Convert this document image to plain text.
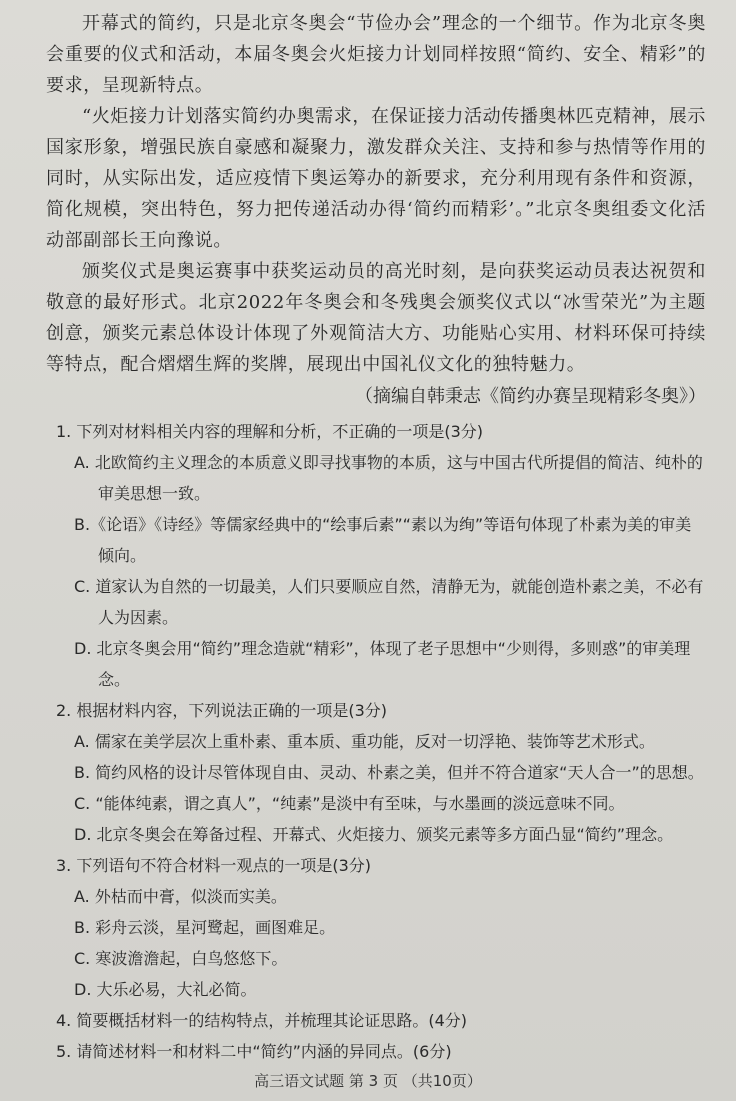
开幕式的简约，只是北京冬奥会“节俭办会”理念的一个细节。作为北京冬奥会重要的仪式和活动，本届冬奥会火炬接力计划同样按照“简约、安全、精彩”的要求，呈现新特点。

“火炬接力计划落实简约办奥需求，在保证接力活动传播奥林匹克精神，展示国家形象，增强民族自豪感和凝聚力，激发群众关注、支持和参与热情等作用的同时，从实际出发，适应疫情下奥运筹办的新要求，充分利用现有条件和资源，简化规模，突出特色，努力把传递活动办得‘简约而精彩’。”北京冬奥组委文化活动部副部长王向豫说。

颁奖仪式是奥运赛事中获奖运动员的高光时刻，是向获奖运动员表达祝贺和敬意的最好形式。北京2022年冬奥会和冬残奥会颁奖仪式以“冰雪荣光”为主题创意，颁奖元素总体设计体现了外观简洁大方、功能贴心实用、材料环保可持续等特点，配合熠熠生辉的奖牌，展现出中国礼仪文化的独特魅力。

（摘编自韩秉志《简约办赛呈现精彩冬奥》）

1. 下列对材料相关内容的理解和分析，不正确的一项是(3分)

A. 北欧简约主义理念的本质意义即寻找事物的本质，这与中国古代所提倡的简洁、纯朴的审美思想一致。

B.《论语》《诗经》等儒家经典中的“绘事后素”“素以为绚”等语句体现了朴素为美的审美倾向。

C. 道家认为自然的一切最美，人们只要顺应自然，清静无为，就能创造朴素之美，不必有人为因素。

D. 北京冬奥会用“简约”理念造就“精彩”，体现了老子思想中“少则得，多则惑”的审美理念。

2. 根据材料内容，下列说法正确的一项是(3分)

A. 儒家在美学层次上重朴素、重本质、重功能，反对一切浮艳、装饰等艺术形式。

B. 简约风格的设计尽管体现自由、灵动、朴素之美，但并不符合道家“天人合一”的思想。

C. “能体纯素，谓之真人”，“纯素”是淡中有至味，与水墨画的淡远意味不同。

D. 北京冬奥会在筹备过程、开幕式、火炬接力、颁奖元素等多方面凸显“简约”理念。

3. 下列语句不符合材料一观点的一项是(3分)

A. 外枯而中膏，似淡而实美。

B. 彩舟云淡，星河鹭起，画图难足。

C. 寒波澹澹起，白鸟悠悠下。

D. 大乐必易，大礼必简。

4. 简要概括材料一的结构特点，并梳理其论证思路。(4分)

5. 请简述材料一和材料二中“简约”内涵的异同点。(6分)

高三语文试题 第 3 页 （共10页）
